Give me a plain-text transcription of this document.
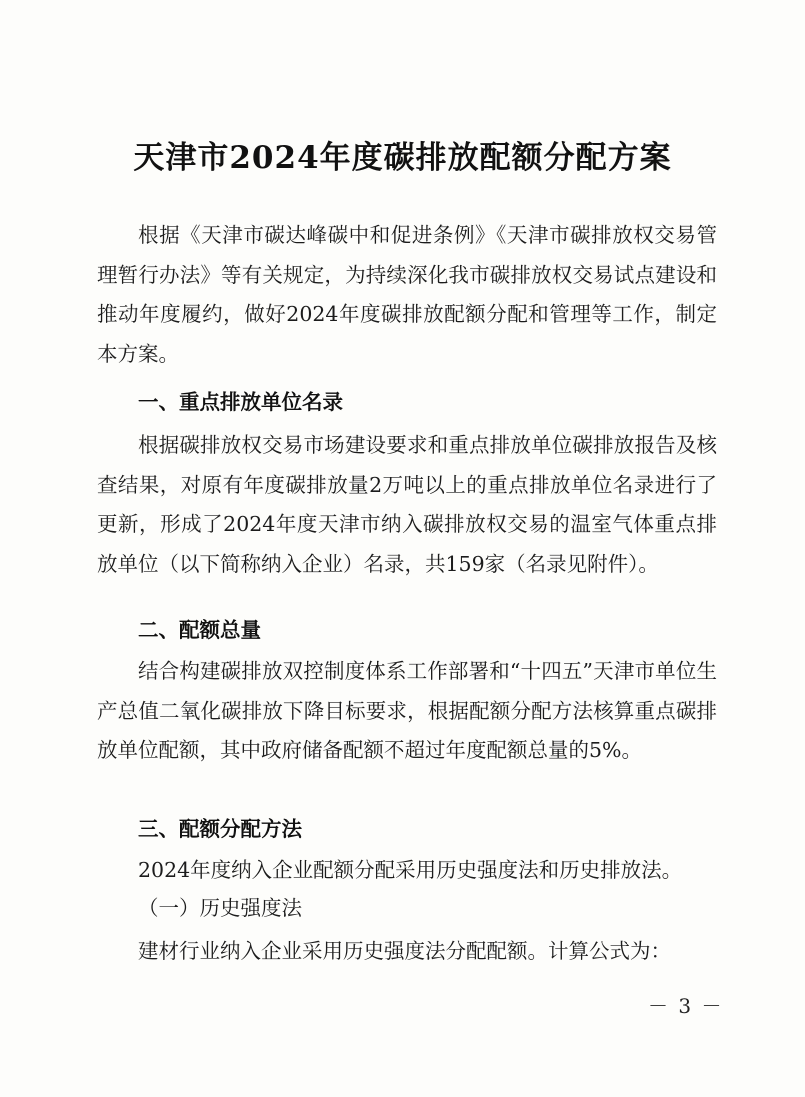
天津市2024年度碳排放配额分配方案
根据《天津市碳达峰碳中和促进条例》《天津市碳排放权交易管理暂行办法》等有关规定，为持续深化我市碳排放权交易试点建设和推动年度履约，做好2024年度碳排放配额分配和管理等工作，制定本方案。
一、重点排放单位名录
根据碳排放权交易市场建设要求和重点排放单位碳排放报告及核查结果，对原有年度碳排放量2万吨以上的重点排放单位名录进行了更新，形成了2024年度天津市纳入碳排放权交易的温室气体重点排放单位（以下简称纳入企业）名录，共159家（名录见附件）。
二、配额总量
结合构建碳排放双控制度体系工作部署和“十四五”天津市单位生产总值二氧化碳排放下降目标要求，根据配额分配方法核算重点碳排放单位配额，其中政府储备配额不超过年度配额总量的5%。
三、配额分配方法
2024年度纳入企业配额分配采用历史强度法和历史排放法。
（一）历史强度法
建材行业纳入企业采用历史强度法分配配额。计算公式为：
－ 3 －
